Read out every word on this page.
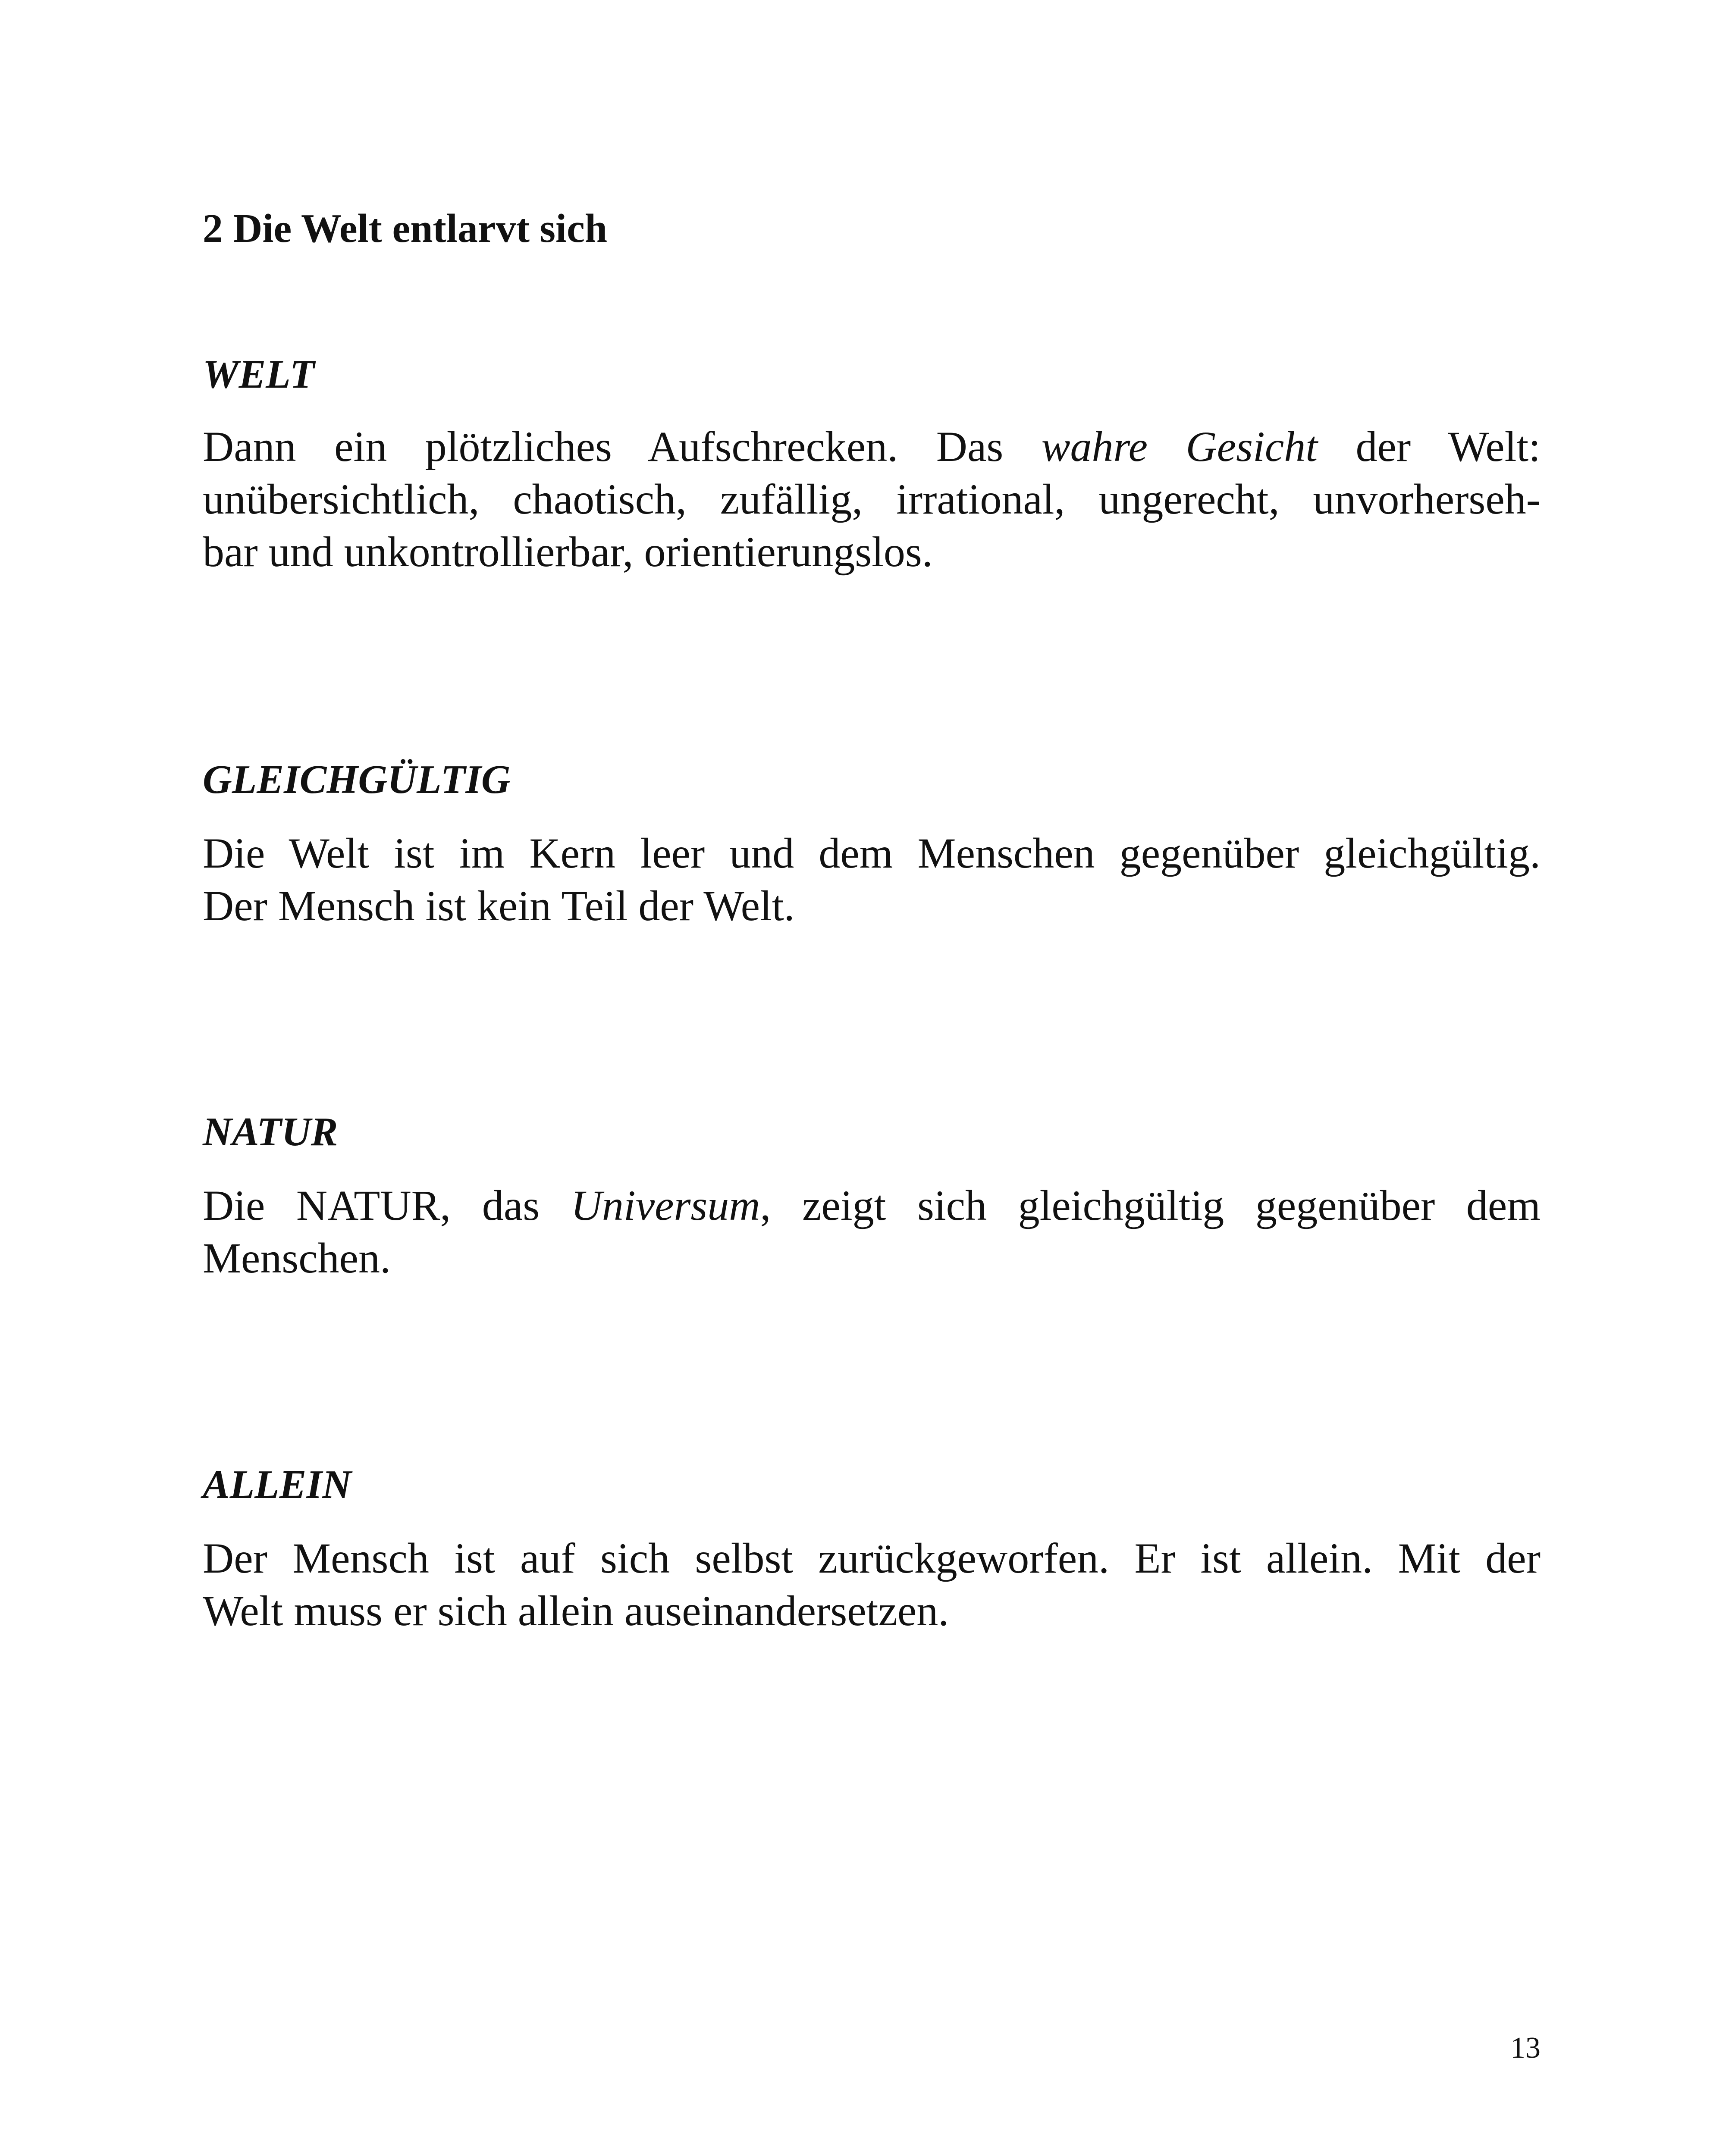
2 Die Welt entlarvt sich
WELT
Dann ein plötzliches Aufschrecken. Das wahre Gesicht der Welt:
unübersichtlich, chaotisch, zufällig, irrational, ungerecht, unvorherseh-
bar und unkontrollierbar, orientierungslos.
GLEICHGÜLTIG
Die Welt ist im Kern leer und dem Menschen gegenüber gleichgültig.
Der Mensch ist kein Teil der Welt.
NATUR
Die NATUR, das Universum, zeigt sich gleichgültig gegenüber dem
Menschen.
ALLEIN
Der Mensch ist auf sich selbst zurückgeworfen. Er ist allein. Mit der
Welt muss er sich allein auseinandersetzen.
13
